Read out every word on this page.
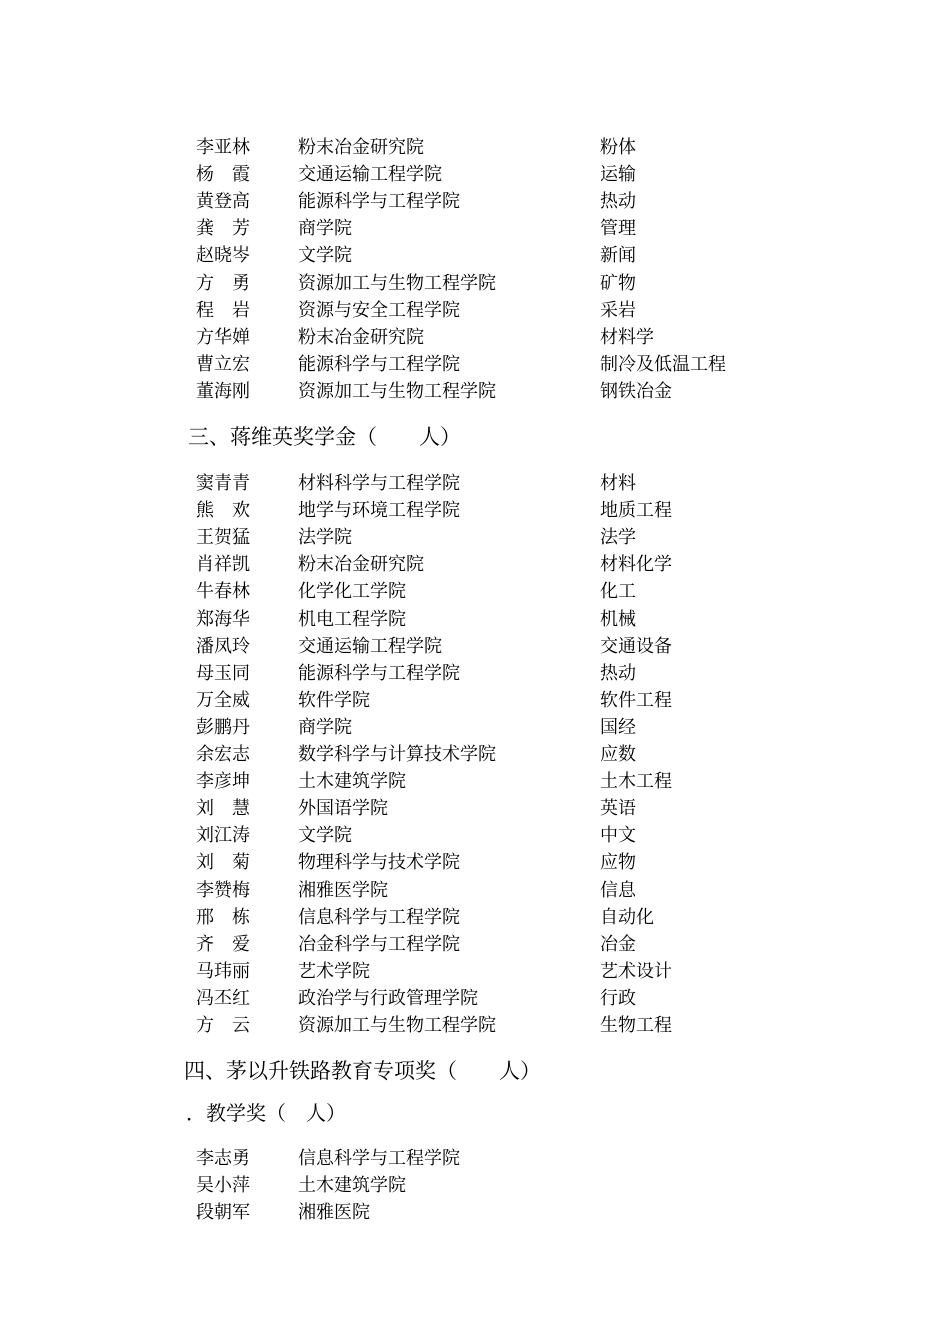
李亚林	粉末冶金研究院	粉体
杨　霞	交通运输工程学院	运输
黄登高	能源科学与工程学院	热动
龚　芳	商学院	管理
赵晓岑	文学院	新闻
方　勇	资源加工与生物工程学院	矿物
程　岩	资源与安全工程学院	采岩
方华婵	粉末冶金研究院	材料学
曹立宏	能源科学与工程学院	制冷及低温工程
董海刚	资源加工与生物工程学院	钢铁冶金
三、蒋维英奖学金（　　人）
窦青青	材料科学与工程学院	材料
熊　欢	地学与环境工程学院	地质工程
王贺猛	法学院	法学
肖祥凯	粉末冶金研究院	材料化学
牛春林	化学化工学院	化工
郑海华	机电工程学院	机械
潘凤玲	交通运输工程学院	交通设备
母玉同	能源科学与工程学院	热动
万全威	软件学院	软件工程
彭鹏丹	商学院	国经
余宏志	数学科学与计算技术学院	应数
李彦坤	土木建筑学院	土木工程
刘　慧	外国语学院	英语
刘江涛	文学院	中文
刘　菊	物理科学与技术学院	应物
李赞梅	湘雅医学院	信息
邢　栋	信息科学与工程学院	自动化
齐　爱	冶金科学与工程学院	冶金
马玮丽	艺术学院	艺术设计
冯丕红	政治学与行政管理学院	行政
方　云	资源加工与生物工程学院	生物工程
四、茅以升铁路教育专项奖（　　人）
．教学奖（　人）
李志勇	信息科学与工程学院
吴小萍	土木建筑学院
段朝军	湘雅医院
